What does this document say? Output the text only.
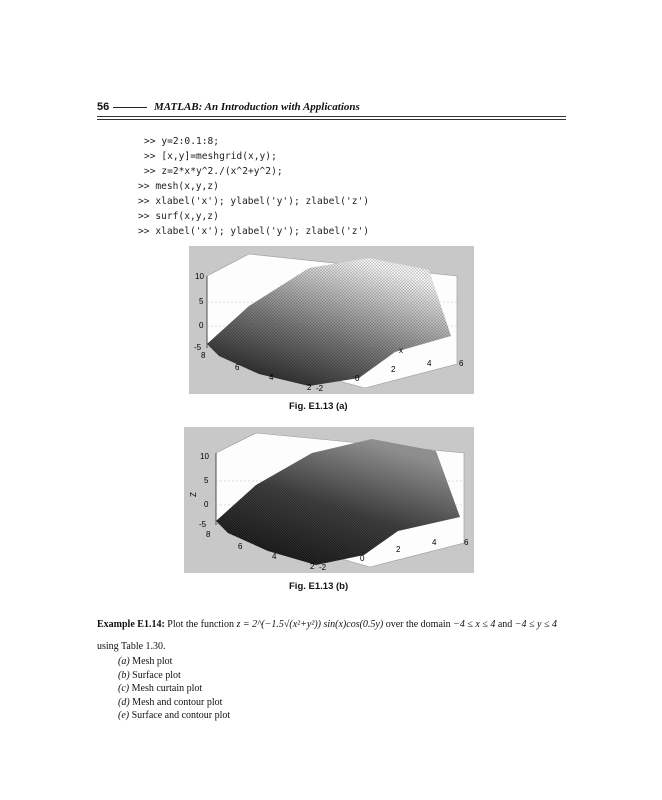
56	MATLAB: An Introduction with Applications
>> y=2:0.1:8;
>> [x,y]=meshgrid(x,y);
>> z=2*x*y^2./(x^2+y^2);
>> mesh(x,y,z)
>> xlabel('x'); ylabel('y'); zlabel('z')
>> surf(x,y,z)
>> xlabel('x'); ylabel('y'); zlabel('z')
10
5
0
-5
8
6
4
2 -2
0
2
4	6
x
Fig. E1.13 (a)
10
5
0
-5
Z
8
6
4
2 -2
0
2
4	6
Fig. E1.13 (b)
Example E1.14: Plot the function z = 2^(−1.5√(x²+y²)) sin(x)cos(0.5y) over the domain −4 ≤ x ≤ 4 and −4 ≤ y ≤ 4
using Table 1.30.
(a) Mesh plot
(b) Surface plot
(c) Mesh curtain plot
(d) Mesh and contour plot
(e) Surface and contour plot
